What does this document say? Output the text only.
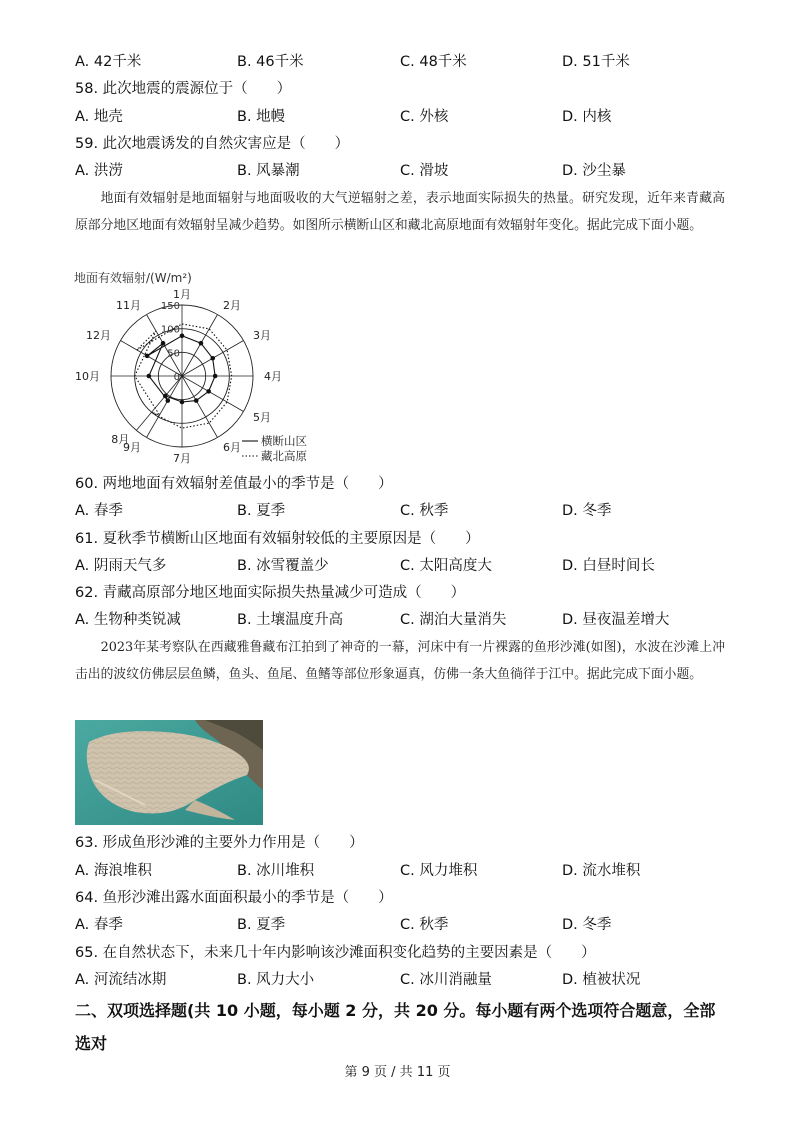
A. 42千米	B. 46千米	C. 48千米	D. 51千米
58. 此次地震的震源位于（　　）
A. 地壳	B. 地幔	C. 外核	D. 内核
59. 此次地震诱发的自然灾害应是（　　）
A. 洪涝	B. 风暴潮	C. 滑坡	D. 沙尘暴

地面有效辐射是地面辐射与地面吸收的大气逆辐射之差，表示地面实际损失的热量。研究发现，近年来青藏高原部分地区地面有效辐射呈减少趋势。如图所示横断山区和藏北高原地面有效辐射年变化。据此完成下面小题。

地面有效辐射/(W/m²)
50
100
150
0
1月
2月
3月
4月
5月
6月
7月
8月
9月
10月
11月
12月
横断山区
藏北高原
60. 两地地面有效辐射差值最小的季节是（　　）
A. 春季	B. 夏季	C. 秋季	D. 冬季
61. 夏秋季节横断山区地面有效辐射较低的主要原因是（　　）
A. 阴雨天气多	B. 冰雪覆盖少	C. 太阳高度大	D. 白昼时间长
62. 青藏高原部分地区地面实际损失热量减少可造成（　　）
A. 生物种类锐减	B. 土壤温度升高	C. 湖泊大量消失	D. 昼夜温差增大

2023年某考察队在西藏雅鲁藏布江拍到了神奇的一幕，河床中有一片裸露的鱼形沙滩(如图)，水波在沙滩上冲击出的波纹仿佛层层鱼鳞，鱼头、鱼尾、鱼鳍等部位形象逼真，仿佛一条大鱼徜徉于江中。据此完成下面小题。

63. 形成鱼形沙滩的主要外力作用是（　　）
A. 海浪堆积	B. 冰川堆积	C. 风力堆积	D. 流水堆积
64. 鱼形沙滩出露水面面积最小的季节是（　　）
A. 春季	B. 夏季	C. 秋季	D. 冬季
65. 在自然状态下，未来几十年内影响该沙滩面积变化趋势的主要因素是（　　）
A. 河流结冰期	B. 风力大小	C. 冰川消融量	D. 植被状况
二、双项选择题(共 10 小题，每小题 2 分，共 20 分。每小题有两个选项符合题意，全部选对
第 9 页 / 共 11 页
